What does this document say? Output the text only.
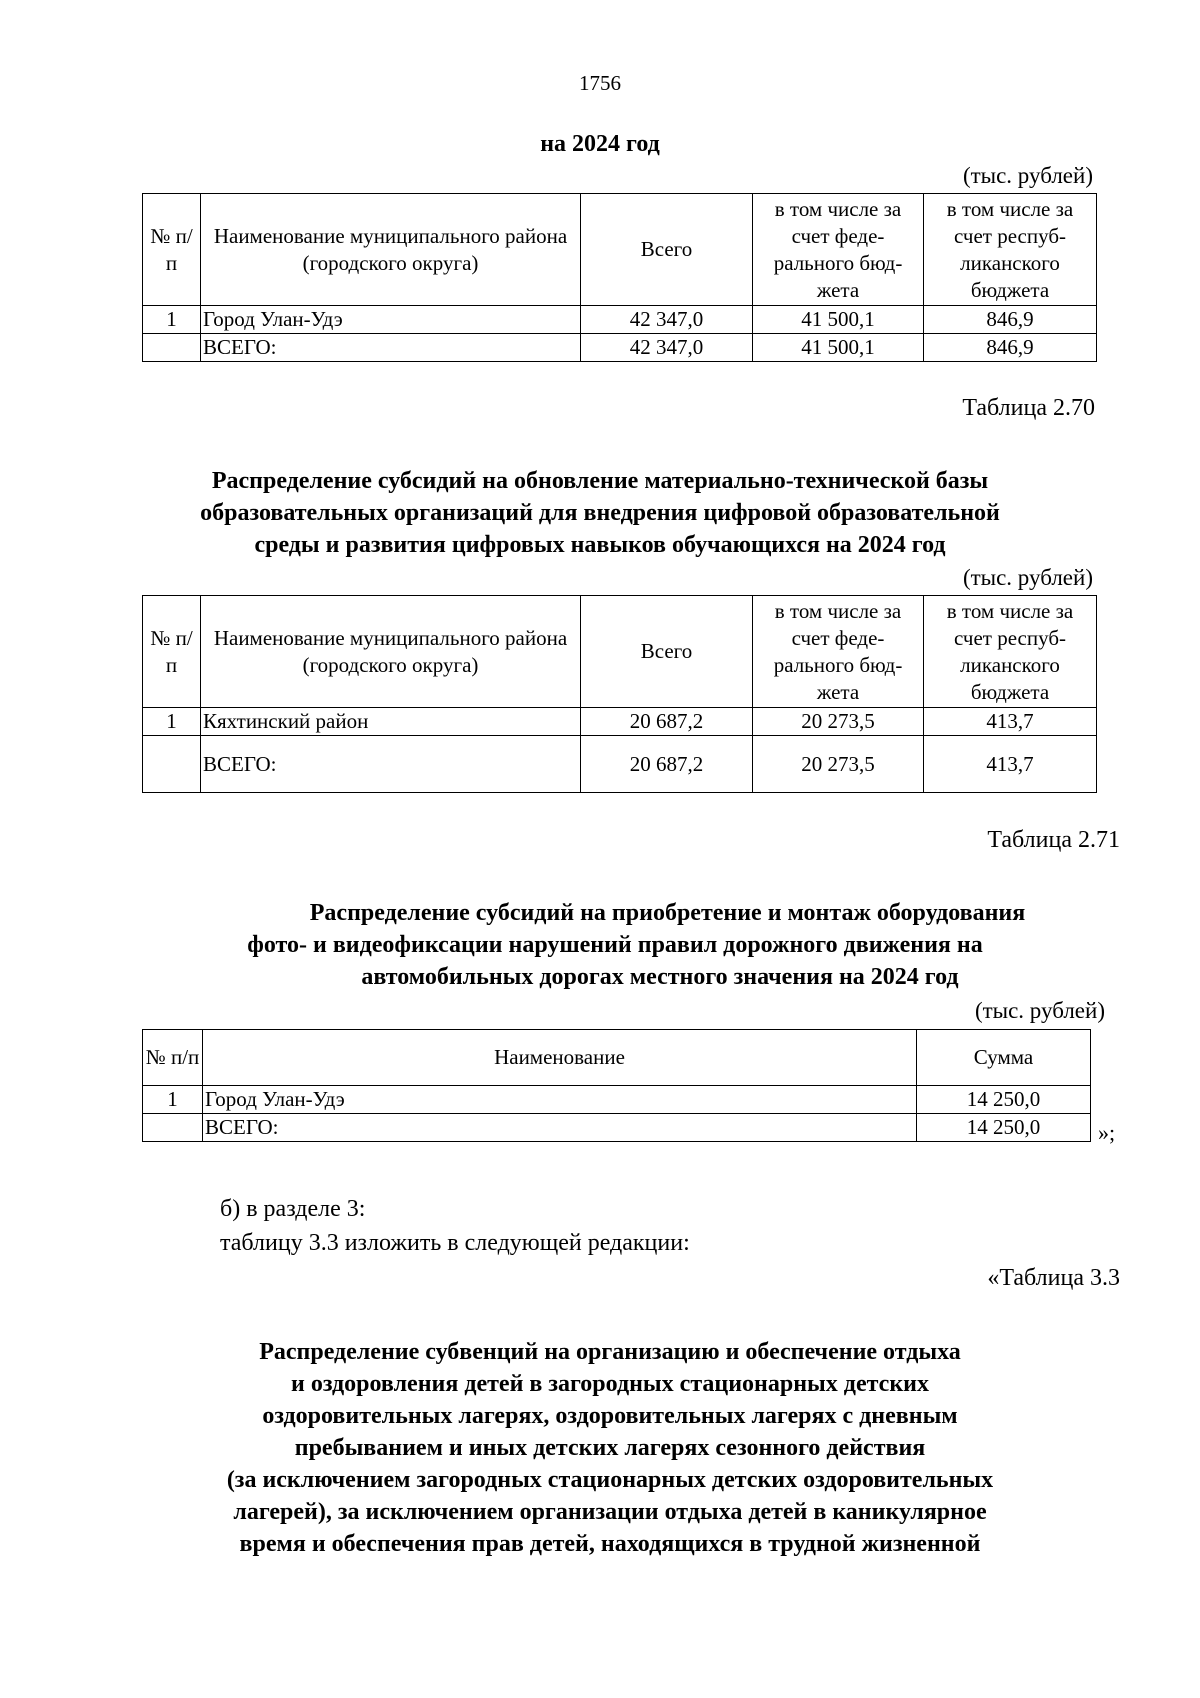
1756
на 2024 год
(тыс. рублей)
№ п/п	Наименование муниципального района (городского округа)	Всего	в том числе за счет феде-рального бюд-жета	в том числе за счет респуб-ликанского бюджета
1	Город Улан-Удэ	42 347,0	41 500,1	846,9
	ВСЕГО:	42 347,0	41 500,1	846,9
Таблица 2.70
Распределение субсидий на обновление материально-технической базы
образовательных организаций для внедрения цифровой образовательной
среды и развития цифровых навыков обучающихся на 2024 год
(тыс. рублей)
№ п/п	Наименование муниципального района (городского округа)	Всего	в том числе за счет феде-рального бюд-жета	в том числе за счет респуб-ликанского бюджета
1	Кяхтинский район	20 687,2	20 273,5	413,7
	ВСЕГО:	20 687,2	20 273,5	413,7
Таблица 2.71
Распределение субсидий на приобретение и монтаж оборудования
фото- и видеофиксации нарушений правил дорожного движения на
автомобильных дорогах местного значения на 2024 год
(тыс. рублей)
№ п/п	Наименование	Сумма
1	Город Улан-Удэ	14 250,0
	ВСЕГО:	14 250,0	»;
б) в разделе 3:
таблицу 3.3 изложить в следующей редакции:
«Таблица 3.3
Распределение субвенций на организацию и обеспечение отдыха
и оздоровления детей в загородных стационарных детских
оздоровительных лагерях, оздоровительных лагерях с дневным
пребыванием и иных детских лагерях сезонного действия
(за исключением загородных стационарных детских оздоровительных
лагерей), за исключением организации отдыха детей в каникулярное
время и обеспечения прав детей, находящихся в трудной жизненной
